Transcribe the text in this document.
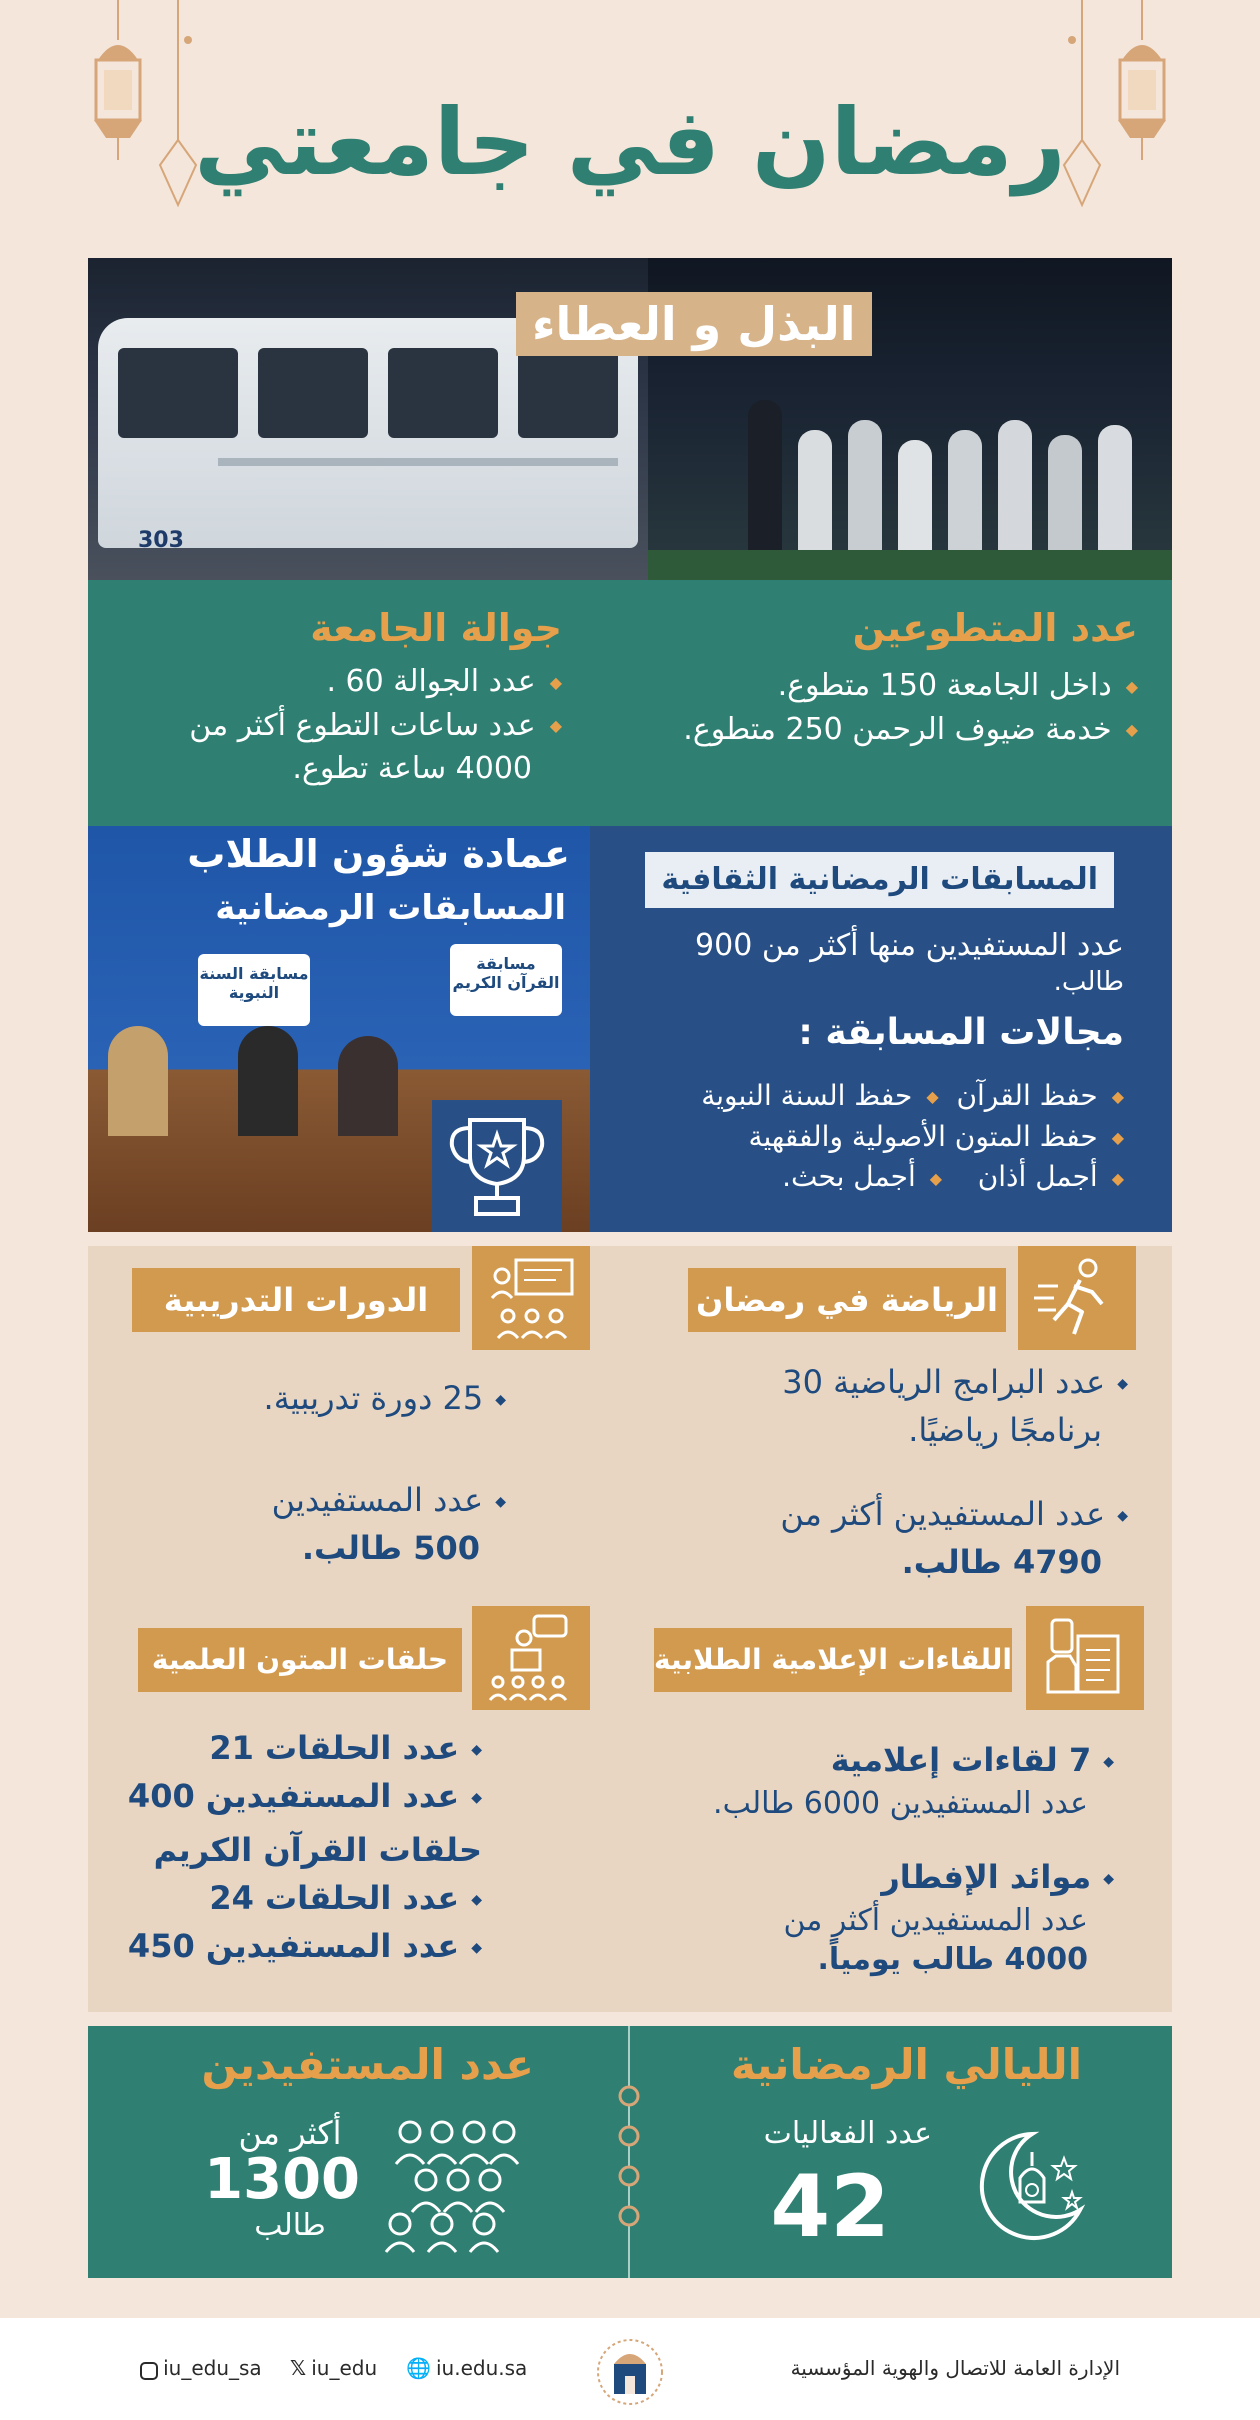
رمضان في جامعتي
303
البذل و العطاء
عدد المتطوعين
◆ داخل الجامعة 150 متطوع.
◆ خدمة ضيوف الرحمن 250 متطوع.
جوالة الجامعة
◆ عدد الجوالة 60 .
◆ عدد ساعات التطوع أكثر من
4000 ساعة تطوع.
عمادة شؤون الطلاب
المسابقات الرمضانية
مسابقة القرآن الكريم
مسابقة السنة النبوية
المسابقات الرمضانية الثقافية
عدد المستفيدين منها أكثر من 900
طالب.
مجالات المسابقة :
◆ حفظ القرآن  ◆ حفظ السنة النبوية
◆ حفظ المتون الأصولية والفقهية
◆ أجمل أذان    ◆ أجمل بحث.
الرياضة في رمضان
◆ عدد البرامج الرياضية 30
برنامجًا رياضيًا.
◆ عدد المستفيدين أكثر من
4790 طالب.
الدورات التدريبية
◆ 25 دورة تدريبية.
◆ عدد المستفيدين
500 طالب.
اللقاءات الإعلامية الطلابية
◆ 7 لقاءات إعلامية
عدد المستفيدين 6000 طالب.
◆ موائد الإفطار
عدد المستفيدين أكثر من
4000 طالب يومياً.
حلقات المتون العلمية
◆ عدد الحلقات 21
◆ عدد المستفيدين 400
حلقات القرآن الكريم
◆ عدد الحلقات 24
◆ عدد المستفيدين 450
الليالي الرمضانية
عدد الفعاليات
42
عدد المستفيدين
أكثر من
1300
طالب
الإدارة العامة للاتصال والهوية المؤسسية
iu_edu_sa 𝕏 iu_edu 🌐 iu.edu.sa
